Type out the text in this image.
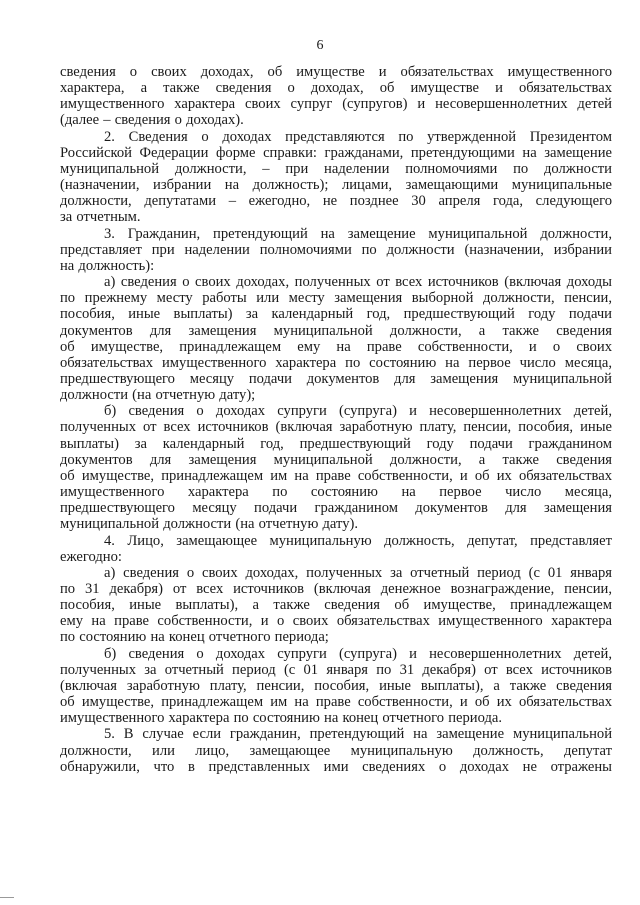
6
сведения о своих доходах, об имуществе и обязательствах имущественного
характера, а также сведения о доходах, об имуществе и обязательствах
имущественного характера своих супруг (супругов) и несовершеннолетних детей
(далее – сведения о доходах).
2. Сведения о доходах представляются по утвержденной Президентом
Российской Федерации форме справки: гражданами, претендующими на замещение
муниципальной должности, – при наделении полномочиями по должности
(назначении, избрании на должность); лицами, замещающими муниципальные
должности, депутатами – ежегодно, не позднее 30 апреля года, следующего
за отчетным.
3. Гражданин, претендующий на замещение муниципальной должности,
представляет при наделении полномочиями по должности (назначении, избрании
на должность):
а) сведения о своих доходах, полученных от всех источников (включая доходы
по прежнему месту работы или месту замещения выборной должности, пенсии,
пособия, иные выплаты) за календарный год, предшествующий году подачи
документов для замещения муниципальной должности, а также сведения
об имуществе, принадлежащем ему на праве собственности, и о своих
обязательствах имущественного характера по состоянию на первое число месяца,
предшествующего месяцу подачи документов для замещения муниципальной
должности (на отчетную дату);
б) сведения о доходах супруги (супруга) и несовершеннолетних детей,
полученных от всех источников (включая заработную плату, пенсии, пособия, иные
выплаты) за календарный год, предшествующий году подачи гражданином
документов для замещения муниципальной должности, а также сведения
об имуществе, принадлежащем им на праве собственности, и об их обязательствах
имущественного характера по состоянию на первое число месяца,
предшествующего месяцу подачи гражданином документов для замещения
муниципальной должности (на отчетную дату).
4. Лицо, замещающее муниципальную должность, депутат, представляет
ежегодно:
а) сведения о своих доходах, полученных за отчетный период (с 01 января
по 31 декабря) от всех источников (включая денежное вознаграждение, пенсии,
пособия, иные выплаты), а также сведения об имуществе, принадлежащем
ему на праве собственности, и о своих обязательствах имущественного характера
по состоянию на конец отчетного периода;
б) сведения о доходах супруги (супруга) и несовершеннолетних детей,
полученных за отчетный период (с 01 января по 31 декабря) от всех источников
(включая заработную плату, пенсии, пособия, иные выплаты), а также сведения
об имуществе, принадлежащем им на праве собственности, и об их обязательствах
имущественного характера по состоянию на конец отчетного периода.
5. В случае если гражданин, претендующий на замещение муниципальной
должности, или лицо, замещающее муниципальную должность, депутат
обнаружили, что в представленных ими сведениях о доходах не отражены
